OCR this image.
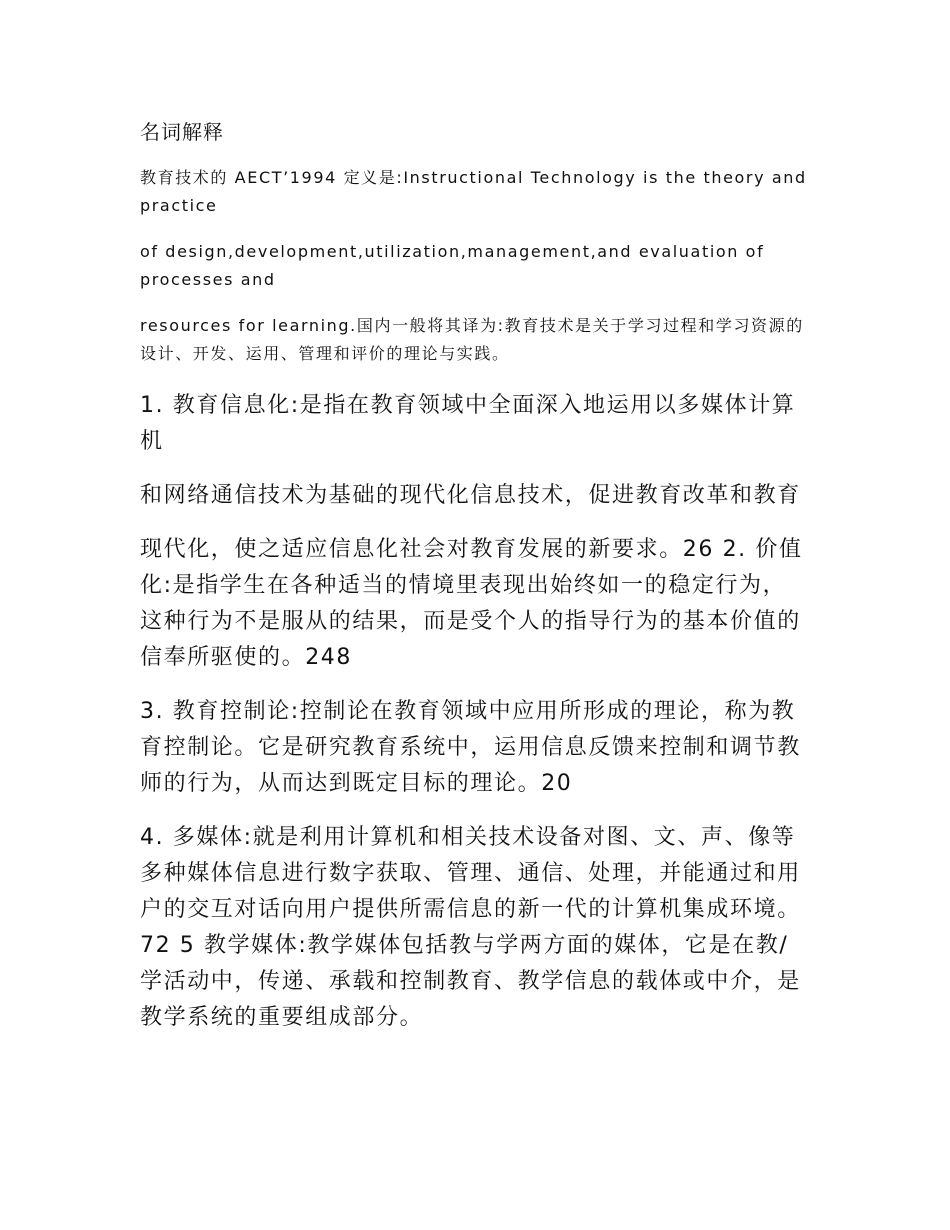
名词解释

教育技术的 AECT’1994 定义是:Instructional Technology is the theory and practice

of design,development,utilization,management,and evaluation of processes and

resources for learning.国内一般将其译为:教育技术是关于学习过程和学习资源的设计、开发、运用、管理和评价的理论与实践。

1. 教育信息化:是指在教育领域中全面深入地运用以多媒体计算机

和网络通信技术为基础的现代化信息技术，促进教育改革和教育

现代化，使之适应信息化社会对教育发展的新要求。26 2. 价值化:是指学生在各种适当的情境里表现出始终如一的稳定行为，这种行为不是服从的结果，而是受个人的指导行为的基本价值的信奉所驱使的。248

3. 教育控制论:控制论在教育领域中应用所形成的理论，称为教育控制论。它是研究教育系统中，运用信息反馈来控制和调节教师的行为，从而达到既定目标的理论。20

4. 多媒体:就是利用计算机和相关技术设备对图、文、声、像等多种媒体信息进行数字获取、管理、通信、处理，并能通过和用户的交互对话向用户提供所需信息的新一代的计算机集成环境。72 5 教学媒体:教学媒体包括教与学两方面的媒体，它是在教/学活动中，传递、承载和控制教育、教学信息的载体或中介，是教学系统的重要组成部分。
